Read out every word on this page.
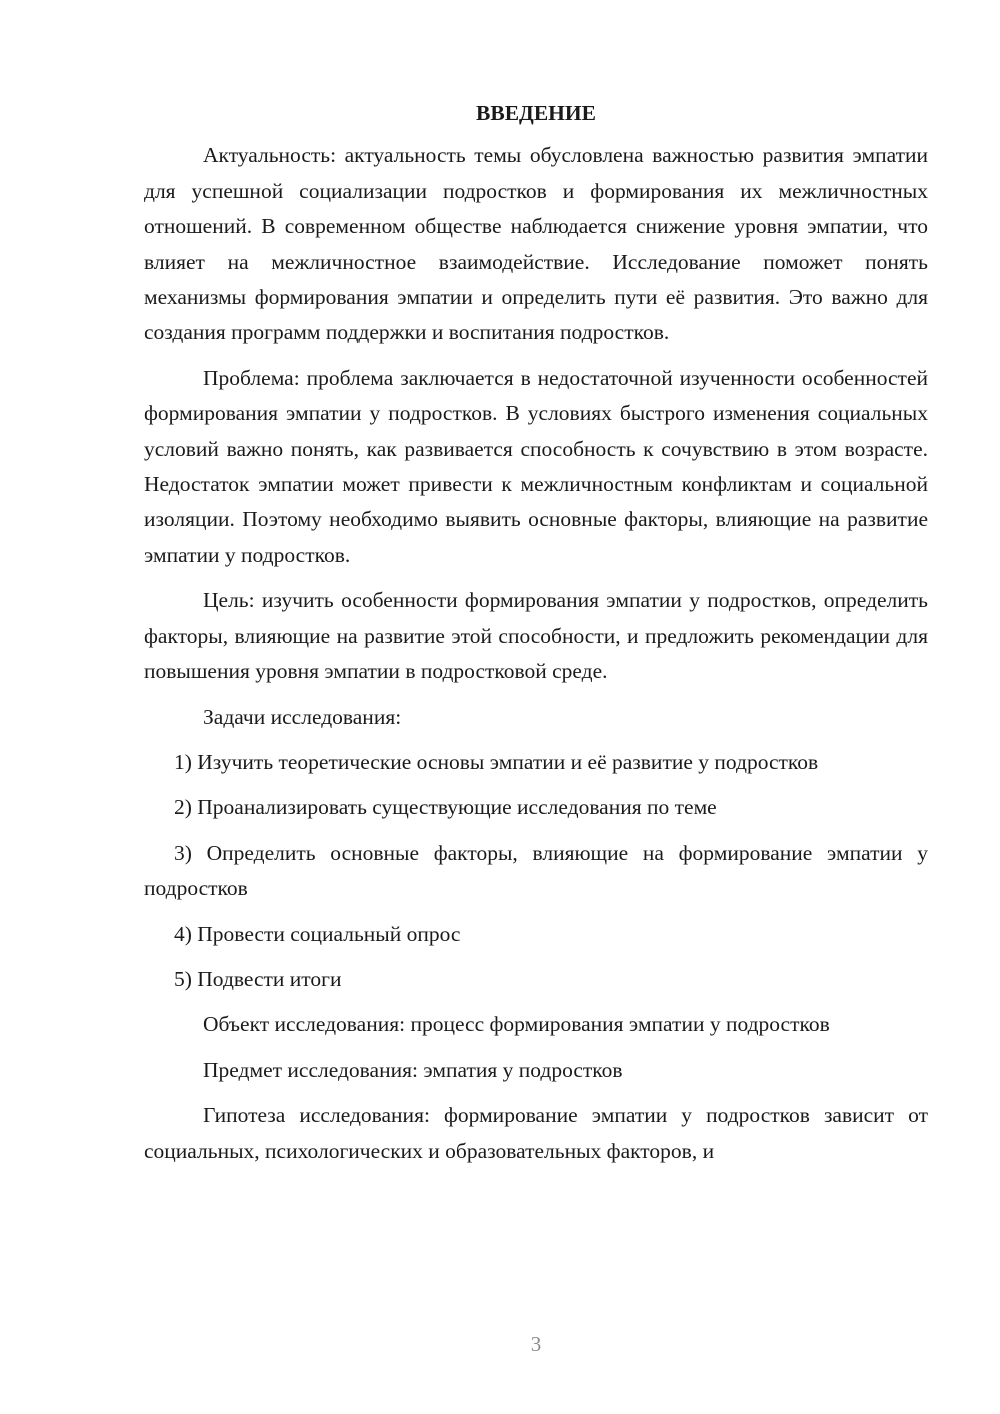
ВВЕДЕНИЕ

Актуальность: актуальность темы обусловлена важностью развития эмпатии для успешной социализации подростков и формирования их межличностных отношений. В современном обществе наблюдается снижение уровня эмпатии, что влияет на межличностное взаимодействие. Исследование поможет понять механизмы формирования эмпатии и определить пути её развития. Это важно для создания программ поддержки и воспитания подростков.

Проблема: проблема заключается в недостаточной изученности особенностей формирования эмпатии у подростков. В условиях быстрого изменения социальных условий важно понять, как развивается способность к сочувствию в этом возрасте. Недостаток эмпатии может привести к межличностным конфликтам и социальной изоляции. Поэтому необходимо выявить основные факторы, влияющие на развитие эмпатии у подростков.

Цель: изучить особенности формирования эмпатии у подростков, определить факторы, влияющие на развитие этой способности, и предложить рекомендации для повышения уровня эмпатии в подростковой среде.

Задачи исследования:

1) Изучить теоретические основы эмпатии и её развитие у подростков

2) Проанализировать существующие исследования по теме

3) Определить основные факторы, влияющие на формирование эмпатии у подростков

4) Провести социальный опрос

5) Подвести итоги

Объект исследования: процесс формирования эмпатии у подростков

Предмет исследования: эмпатия у подростков

Гипотеза исследования: формирование эмпатии у подростков зависит от социальных, психологических и образовательных факторов, и

3
